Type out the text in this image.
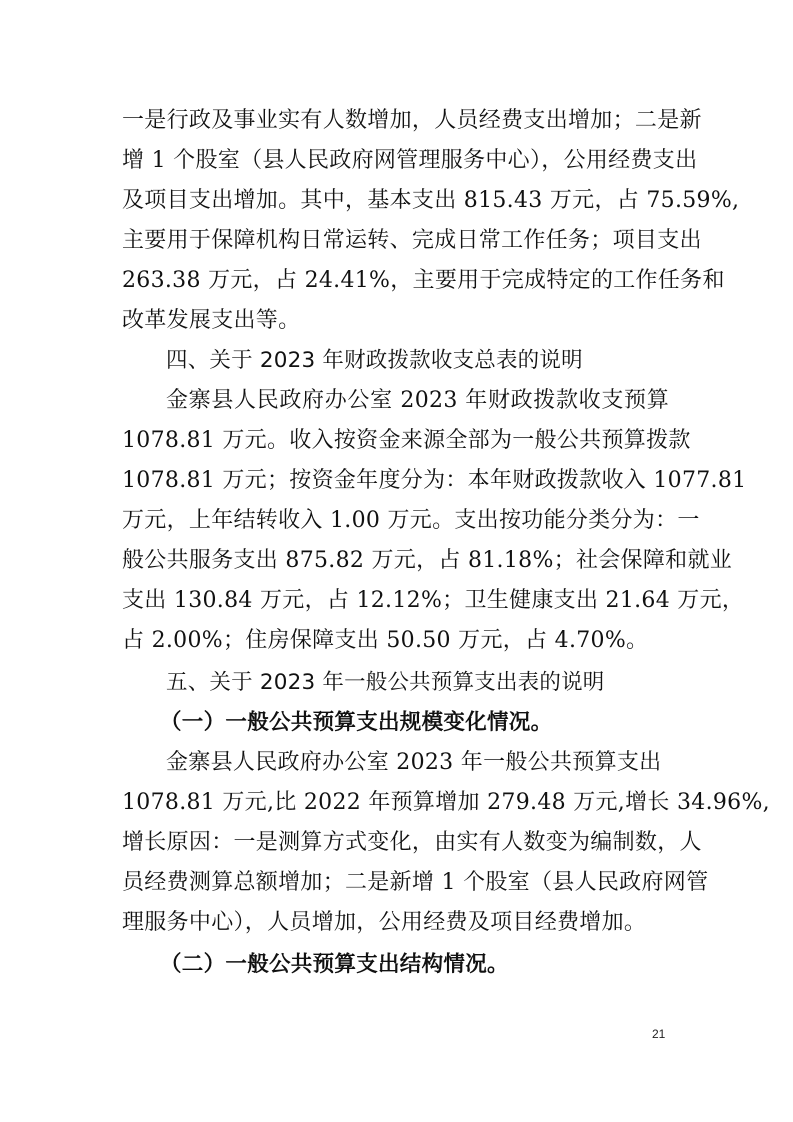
一是行政及事业实有人数增加，人员经费支出增加；二是新
增 1 个股室（县人民政府网管理服务中心），公用经费支出
及项目支出增加。其中，基本支出 815.43 万元，占 75.59%,
主要用于保障机构日常运转、完成日常工作任务；项目支出
263.38 万元，占 24.41%，主要用于完成特定的工作任务和
改革发展支出等。
四、关于 2023 年财政拨款收支总表的说明
金寨县人民政府办公室 2023 年财政拨款收支预算
1078.81 万元。收入按资金来源全部为一般公共预算拨款
1078.81 万元；按资金年度分为：本年财政拨款收入 1077.81
万元，上年结转收入 1.00 万元。支出按功能分类分为：一
般公共服务支出 875.82 万元，占 81.18%；社会保障和就业
支出 130.84 万元，占 12.12%；卫生健康支出 21.64 万元，
占 2.00%；住房保障支出 50.50 万元，占 4.70%。
五、关于 2023 年一般公共预算支出表的说明
（一）一般公共预算支出规模变化情况。
金寨县人民政府办公室 2023 年一般公共预算支出
1078.81 万元,比 2022 年预算增加 279.48 万元,增长 34.96%,
增长原因：一是测算方式变化，由实有人数变为编制数，人
员经费测算总额增加；二是新增 1 个股室（县人民政府网管
理服务中心），人员增加，公用经费及项目经费增加。
（二）一般公共预算支出结构情况。
21
